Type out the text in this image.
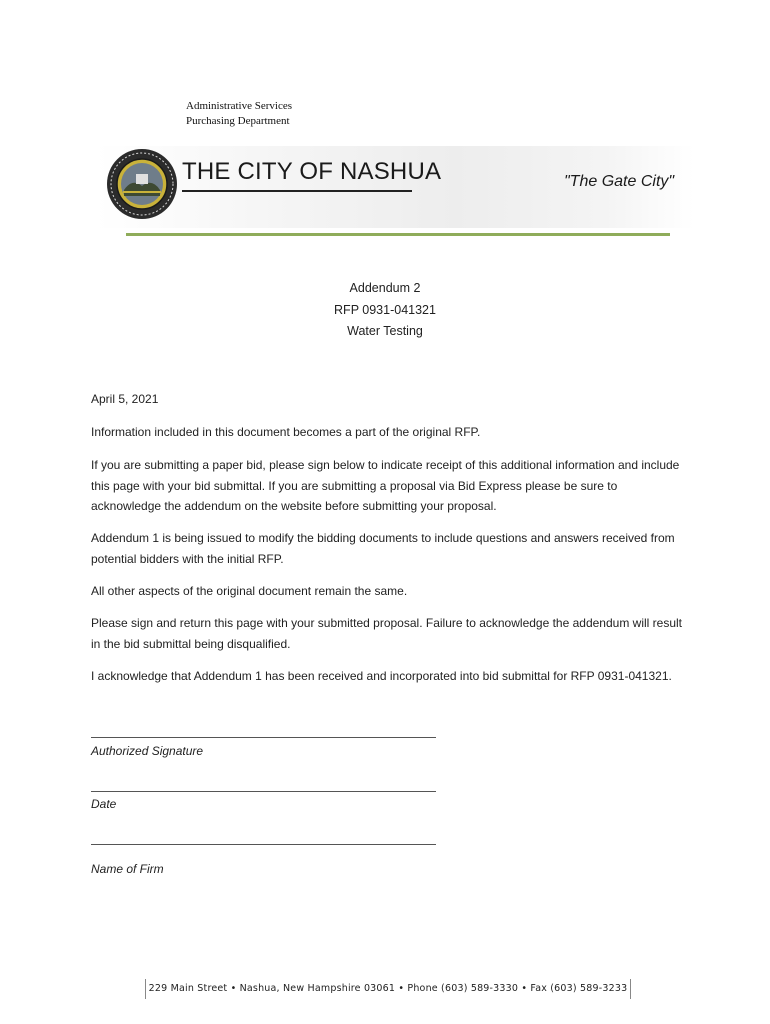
Administrative Services
Purchasing Department
THE CITY OF NASHUA	"The Gate City"
Addendum 2
RFP 0931-041321
Water Testing

April 5, 2021

Information included in this document becomes a part of the original RFP.

If you are submitting a paper bid, please sign below to indicate receipt of this additional information and include this page with your bid submittal. If you are submitting a proposal via Bid Express please be sure to acknowledge the addendum on the website before submitting your proposal.

Addendum 1 is being issued to modify the bidding documents to include questions and answers received from potential bidders with the initial RFP.

All other aspects of the original document remain the same.

Please sign and return this page with your submitted proposal. Failure to acknowledge the addendum will result in the bid submittal being disqualified.

I acknowledge that Addendum 1 has been received and incorporated into bid submittal for RFP 0931-041321.

Authorized Signature
Date
Name of Firm
229 Main Street • Nashua, New Hampshire 03061 • Phone (603) 589-3330 • Fax (603) 589-3233
